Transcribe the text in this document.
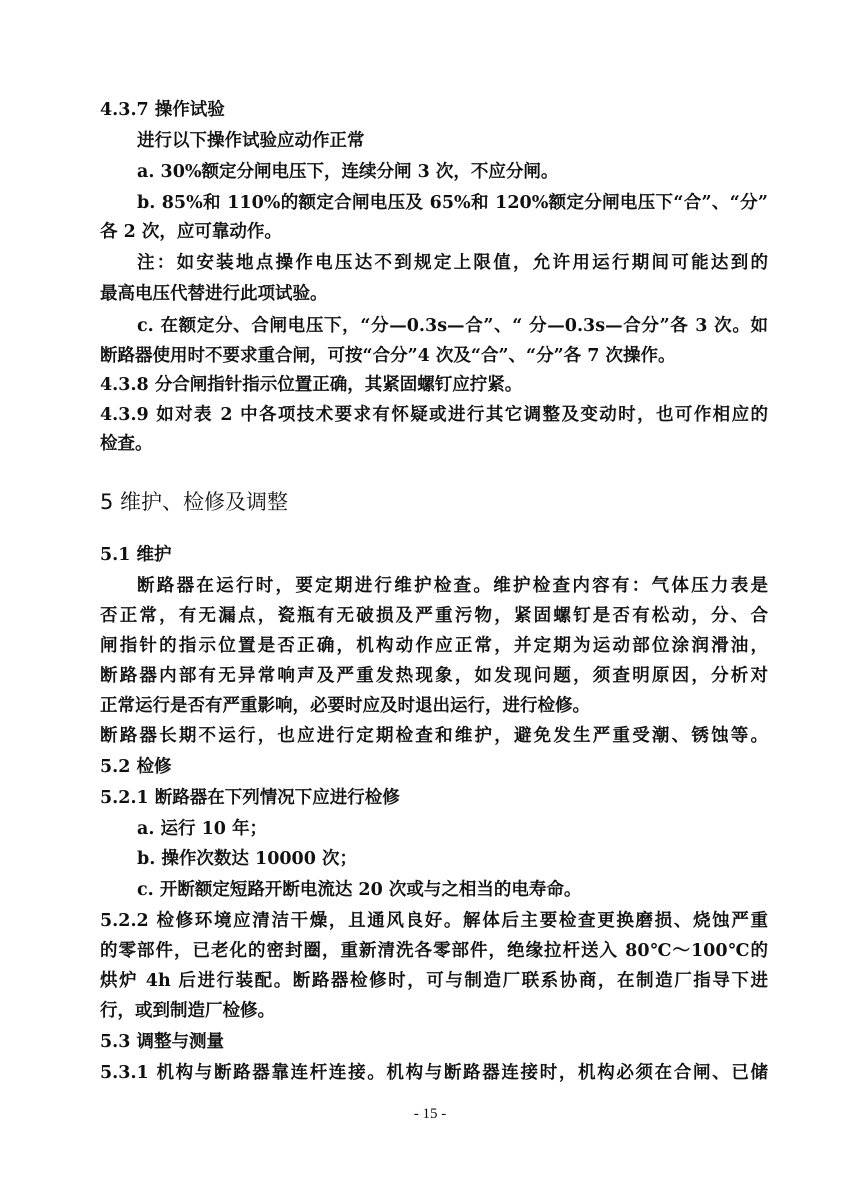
4.3.7 操作试验
进行以下操作试验应动作正常
a. 30%额定分闸电压下，连续分闸 3 次，不应分闸。
b. 85%和 110%的额定合闸电压及 65%和 120%额定分闸电压下“合”、“分”
各 2 次，应可靠动作。
注：如安装地点操作电压达不到规定上限值，允许用运行期间可能达到的
最高电压代替进行此项试验。
c. 在额定分、合闸电压下，“分—0.3s—合”、“ 分—0.3s—合分”各 3 次。如
断路器使用时不要求重合闸，可按“合分”4 次及“合”、“分”各 7 次操作。
4.3.8 分合闸指针指示位置正确，其紧固螺钉应拧紧。
4.3.9 如对表 2 中各项技术要求有怀疑或进行其它调整及变动时，也可作相应的
检查。
5 维护、检修及调整
5.1 维护
断路器在运行时，要定期进行维护检查。维护检查内容有：气体压力表是
否正常，有无漏点，瓷瓶有无破损及严重污物，紧固螺钉是否有松动，分、合
闸指针的指示位置是否正确，机构动作应正常，并定期为运动部位涂润滑油，
断路器内部有无异常响声及严重发热现象，如发现问题，须查明原因，分析对
正常运行是否有严重影响，必要时应及时退出运行，进行检修。
断路器长期不运行，也应进行定期检查和维护，避免发生严重受潮、锈蚀等。
5.2 检修
5.2.1 断路器在下列情况下应进行检修
a. 运行 10 年；
b. 操作次数达 10000 次；
c. 开断额定短路开断电流达 20 次或与之相当的电寿命。
5.2.2 检修环境应清洁干燥，且通风良好。解体后主要检查更换磨损、烧蚀严重
的零部件，已老化的密封圈，重新清洗各零部件，绝缘拉杆送入 80℃～100℃的
烘炉 4h 后进行装配。断路器检修时，可与制造厂联系协商，在制造厂指导下进
行，或到制造厂检修。
5.3 调整与测量
5.3.1 机构与断路器靠连杆连接。机构与断路器连接时，机构必须在合闸、已储
- 15 -
